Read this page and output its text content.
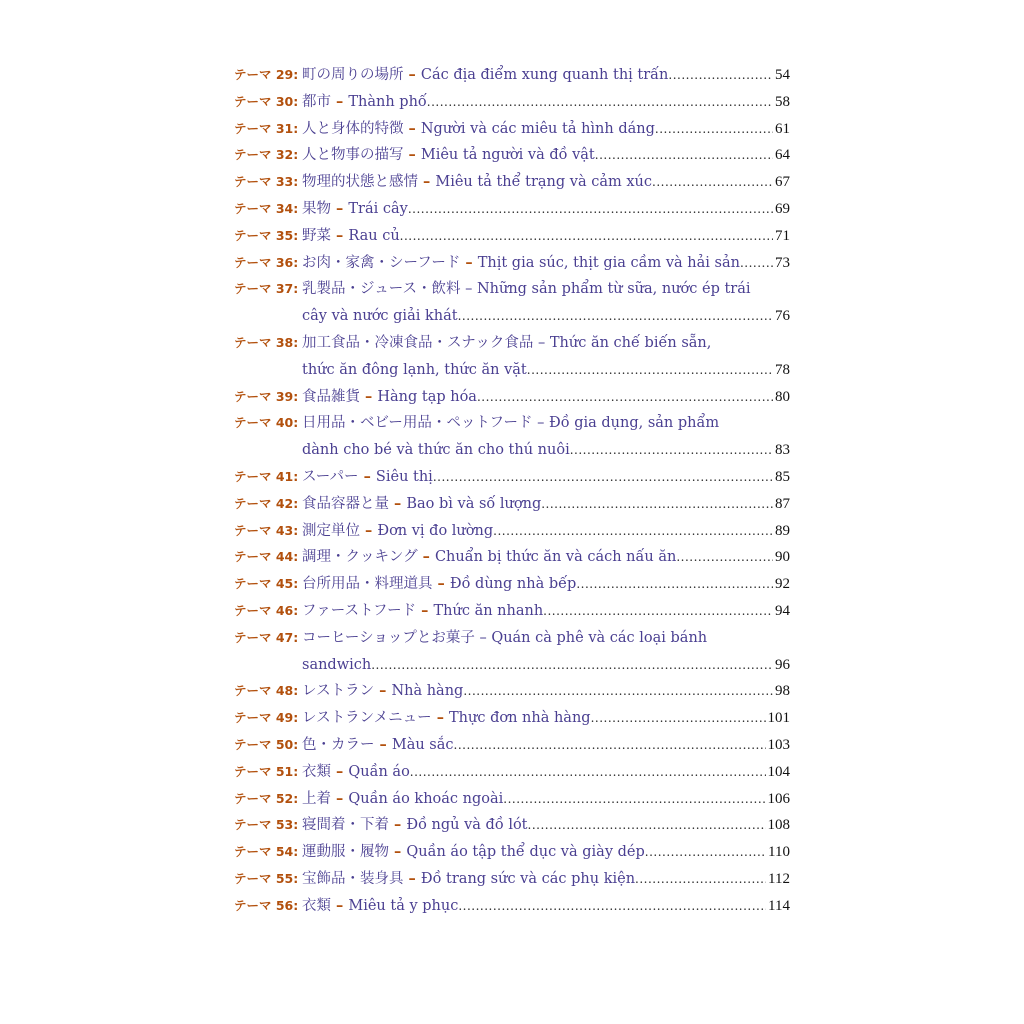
テーマ 29: 町の周りの場所 – Các địa điểm xung quanh thị trấn .....	54
テーマ 30: 都市 – Thành phố .....	58
テーマ 31: 人と身体的特徴 – Người và các miêu tả hình dáng .....	61
テーマ 32: 人と物事の描写 – Miêu tả người và đồ vật .....	64
テーマ 33: 物理的状態と感情 – Miêu tả thể trạng và cảm xúc .....	67
テーマ 34: 果物 – Trái cây .....	69
テーマ 35: 野菜 – Rau củ .....	71
テーマ 36: お肉・家禽・シーフード – Thịt gia súc, thịt gia cầm và hải sản ..... 73
テーマ 37: 乳製品・ジュース・飲料 – Những sản phẩm từ sữa, nước ép trái
cây và nước giải khát .....	76
テーマ 38: 加工食品・冷凍食品・スナック食品 – Thức ăn chế biến sẵn,
thức ăn đông lạnh, thức ăn vặt .....	78
テーマ 39: 食品雑貨 – Hàng tạp hóa .....	80
テーマ 40: 日用品・ベビー用品・ペットフード – Đồ gia dụng, sản phẩm
dành cho bé và thức ăn cho thú nuôi .....	83
テーマ 41: スーパー – Siêu thị .....	85
テーマ 42: 食品容器と量 – Bao bì và số lượng .....	87
テーマ 43: 測定単位 – Đơn vị đo lường .....	89
テーマ 44: 調理・クッキング – Chuẩn bị thức ăn và cách nấu ăn .....	90
テーマ 45: 台所用品・料理道具 – Đồ dùng nhà bếp .....	92
テーマ 46: ファーストフード – Thức ăn nhanh .....	94
テーマ 47: コーヒーショップとお菓子 – Quán cà phê và các loại bánh
sandwich .....	96
テーマ 48: レストラン – Nhà hàng .....	98
テーマ 49: レストランメニュー – Thực đơn nhà hàng .....	101
テーマ 50: 色・カラー – Màu sắc .....	103
テーマ 51: 衣類 – Quần áo .....	104
テーマ 52: 上着 – Quần áo khoác ngoài .....	106
テーマ 53: 寝間着・下着 – Đồ ngủ và đồ lót .....	108
テーマ 54: 運動服・履物 – Quần áo tập thể dục và giày dép .....	110
テーマ 55: 宝飾品・装身具 – Đồ trang sức và các phụ kiện .....	112
テーマ 56: 衣類 – Miêu tả y phục .....	114
